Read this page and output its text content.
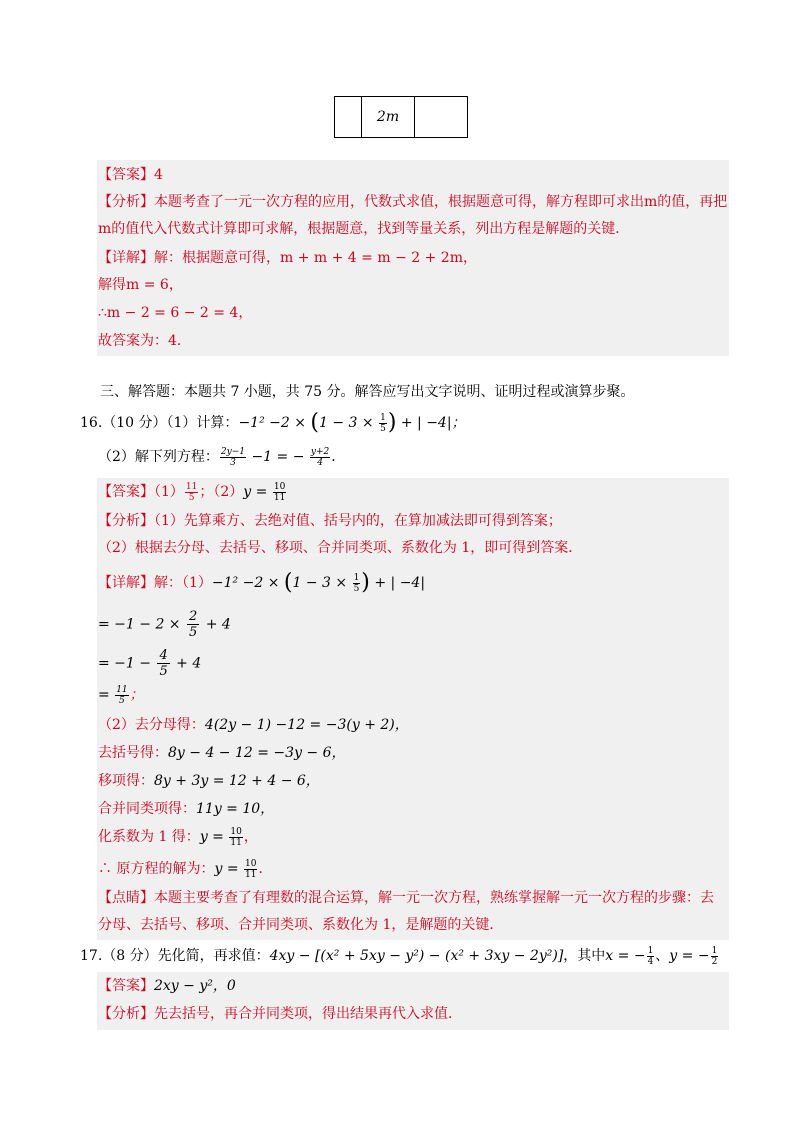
	2m	
【答案】4
【分析】本题考查了一元一次方程的应用，代数式求值，根据题意可得，解方程即可求出m的值，再把
m的值代入代数式计算即可求解，根据题意，找到等量关系，列出方程是解题的关键．
【详解】解：根据题意可得，m + m + 4 = m − 2 + 2m，
解得m = 6，
∴m − 2 = 6 − 2 = 4，
故答案为：4．
三、解答题：本题共 7 小题，共 75 分。解答应写出文字说明、证明过程或演算步聚。
16.（10 分）（1）计算：$-1^2 -2 \times (1 - 3 \times \frac{1}{5}$ ) + | −4|；
（2）解下列方程： $\frac{2y-1}{3} -1$ = − $\frac{y+2}{4}$ ．
【答案】$(1) \frac{11}{5}$ ；$(2)y = \frac{10}{11}$
【分析】（1）先算乘方、去绝对值、括号内的，在算加减法即可得到答案；
（2）根据去分母、去括号、移项、合并同类项、系数化为 1，即可得到答案．
【详解】解：$(1)-1^2 -2 \times (1 - 3 \times \frac{1}{5}$ ) + | −4|
= $-1 - 2 \times \frac{2}{5} + 4$
= $-1 - \frac{4}{5} + 4$
= $\frac{11}{5}$ ；
（2）去分母得：4(2y − 1) −12 = −3(y + 2)，
去括号得：8y − 4 − 12 = −3y − 6，
移项得：8y + 3y = 12 + 4 − 6，
合并同类项得：11y = 10，
化系数为 1 得：$y = \frac{10}{11}$ ，
∴ 原方程的解为：$y = \frac{10}{11}$ ．
【点睛】本题主要考查了有理数的混合运算，解一元一次方程，熟练掌握解一元一次方程的步骤：去
分母、去括号、移项、合并同类项、系数化为 1，是解题的关键．
17.（8 分）先化简，再求值：4xy − [(x² + 5xy − y²) − (x² + 3xy − 2y²)]，其中x = − $\frac{1}{4}$ 、y = − $\frac{1}{2}$
【答案】2xy − y²，0
【分析】先去括号，再合并同类项，得出结果再代入求值．
